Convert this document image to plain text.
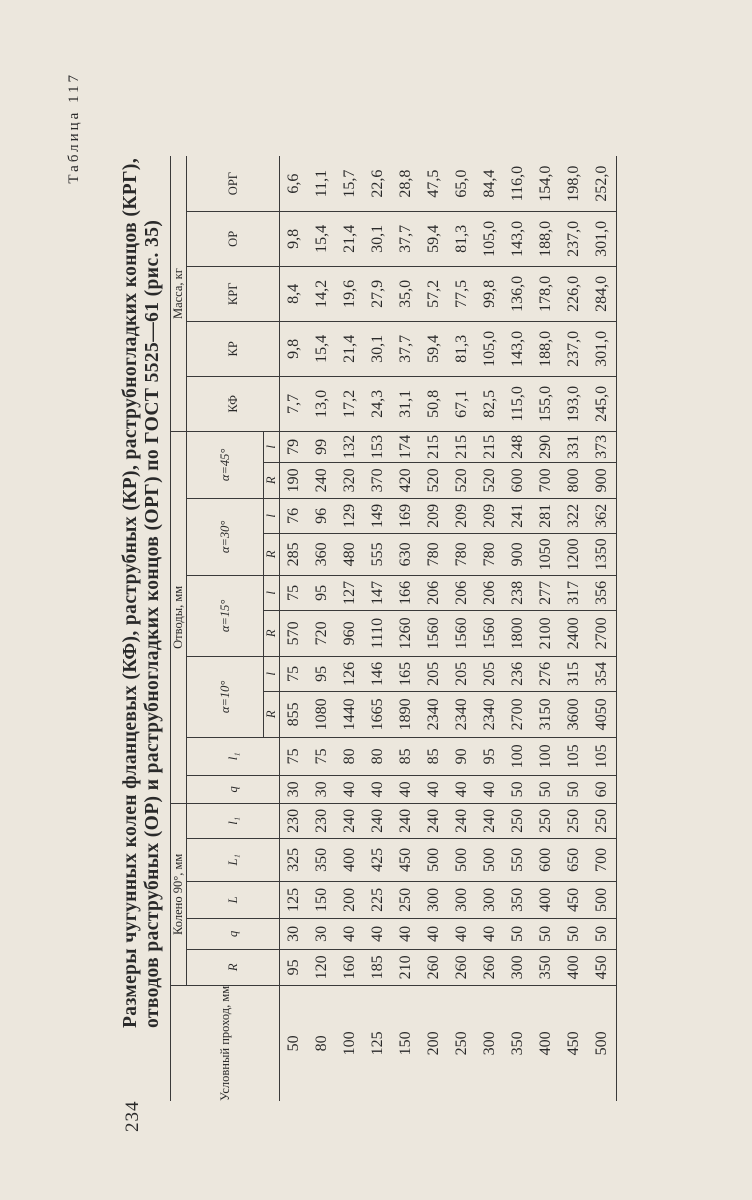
234
Таблица 117
Размеры чугунных колен фланцевых (КФ), раструбных (КР), раструбногладких концов (КРГ), отводов раструбных (ОР) и раструбногладких концов (ОРГ) по ГОСТ 5525—61 (рис. 35)
Условный проход, мм	Колено 90°, мм					Отводы, мм										Масса, кг				
	R	q	L	L₁	l₁	q	l₁	α=10°		α=15°		α=30°		α=45°		КФ	КР	КРГ	ОР	ОРГ
								R	l	R	l	R	l	R	l					
50	95	30	125	325	230	30	75	855	75	570	75	285	76	190	79	7,7	9,8	8,4	9,8	6,6
80	120	30	150	350	230	30	75	1080	95	720	95	360	96	240	99	13,0	15,4	14,2	15,4	11,1
100	160	40	200	400	240	40	80	1440	126	960	127	480	129	320	132	17,2	21,4	19,6	21,4	15,7
125	185	40	225	425	240	40	80	1665	146	1110	147	555	149	370	153	24,3	30,1	27,9	30,1	22,6
150	210	40	250	450	240	40	85	1890	165	1260	166	630	169	420	174	31,1	37,7	35,0	37,7	28,8
200	260	40	300	500	240	40	85	2340	205	1560	206	780	209	520	215	50,8	59,4	57,2	59,4	47,5
250	260	40	300	500	240	40	90	2340	205	1560	206	780	209	520	215	67,1	81,3	77,5	81,3	65,0
300	260	40	300	500	240	40	95	2340	205	1560	206	780	209	520	215	82,5	105,0	99,8	105,0	84,4
350	300	50	350	550	250	50	100	2700	236	1800	238	900	241	600	248	115,0	143,0	136,0	143,0	116,0
400	350	50	400	600	250	50	100	3150	276	2100	277	1050	281	700	290	155,0	188,0	178,0	188,0	154,0
450	400	50	450	650	250	50	105	3600	315	2400	317	1200	322	800	331	193,0	237,0	226,0	237,0	198,0
500	450	50	500	700	250	60	105	4050	354	2700	356	1350	362	900	373	245,0	301,0	284,0	301,0	252,0
